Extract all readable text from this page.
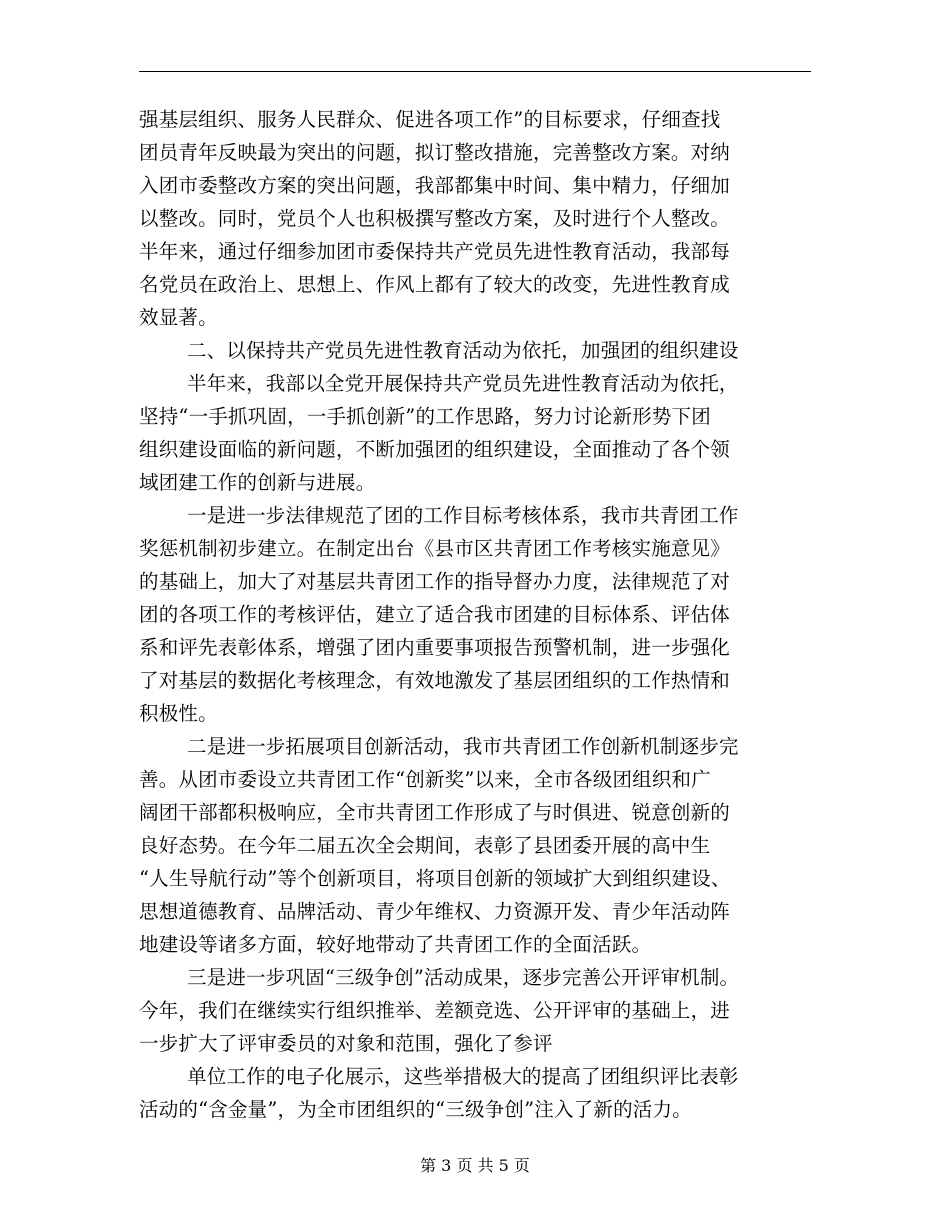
强基层组织、服务人民群众、促进各项工作”的目标要求，仔细查找
团员青年反映最为突出的问题，拟订整改措施，完善整改方案。对纳
入团市委整改方案的突出问题，我部都集中时间、集中精力，仔细加
以整改。同时，党员个人也积极撰写整改方案，及时进行个人整改。
半年来，通过仔细参加团市委保持共产党员先进性教育活动，我部每
名党员在政治上、思想上、作风上都有了较大的改变，先进性教育成
效显著。
二、以保持共产党员先进性教育活动为依托，加强团的组织建设
半年来，我部以全党开展保持共产党员先进性教育活动为依托，
坚持“一手抓巩固，一手抓创新”的工作思路，努力讨论新形势下团
组织建设面临的新问题，不断加强团的组织建设，全面推动了各个领
域团建工作的创新与进展。
一是进一步法律规范了团的工作目标考核体系，我市共青团工作
奖惩机制初步建立。在制定出台《县市区共青团工作考核实施意见》
的基础上，加大了对基层共青团工作的指导督办力度，法律规范了对
团的各项工作的考核评估，建立了适合我市团建的目标体系、评估体
系和评先表彰体系，增强了团内重要事项报告预警机制，进一步强化
了对基层的数据化考核理念，有效地激发了基层团组织的工作热情和
积极性。
二是进一步拓展项目创新活动，我市共青团工作创新机制逐步完
善。从团市委设立共青团工作“创新奖”以来，全市各级团组织和广
阔团干部都积极响应，全市共青团工作形成了与时俱进、锐意创新的
良好态势。在今年二届五次全会期间，表彰了县团委开展的高中生
“人生导航行动”等个创新项目，将项目创新的领域扩大到组织建设、
思想道德教育、品牌活动、青少年维权、力资源开发、青少年活动阵
地建设等诸多方面，较好地带动了共青团工作的全面活跃。
三是进一步巩固“三级争创”活动成果，逐步完善公开评审机制。
今年，我们在继续实行组织推举、差额竞选、公开评审的基础上，进
一步扩大了评审委员的对象和范围，强化了参评
单位工作的电子化展示，这些举措极大的提高了团组织评比表彰
活动的“含金量”，为全市团组织的“三级争创”注入了新的活力。
第 3 页 共 5 页
